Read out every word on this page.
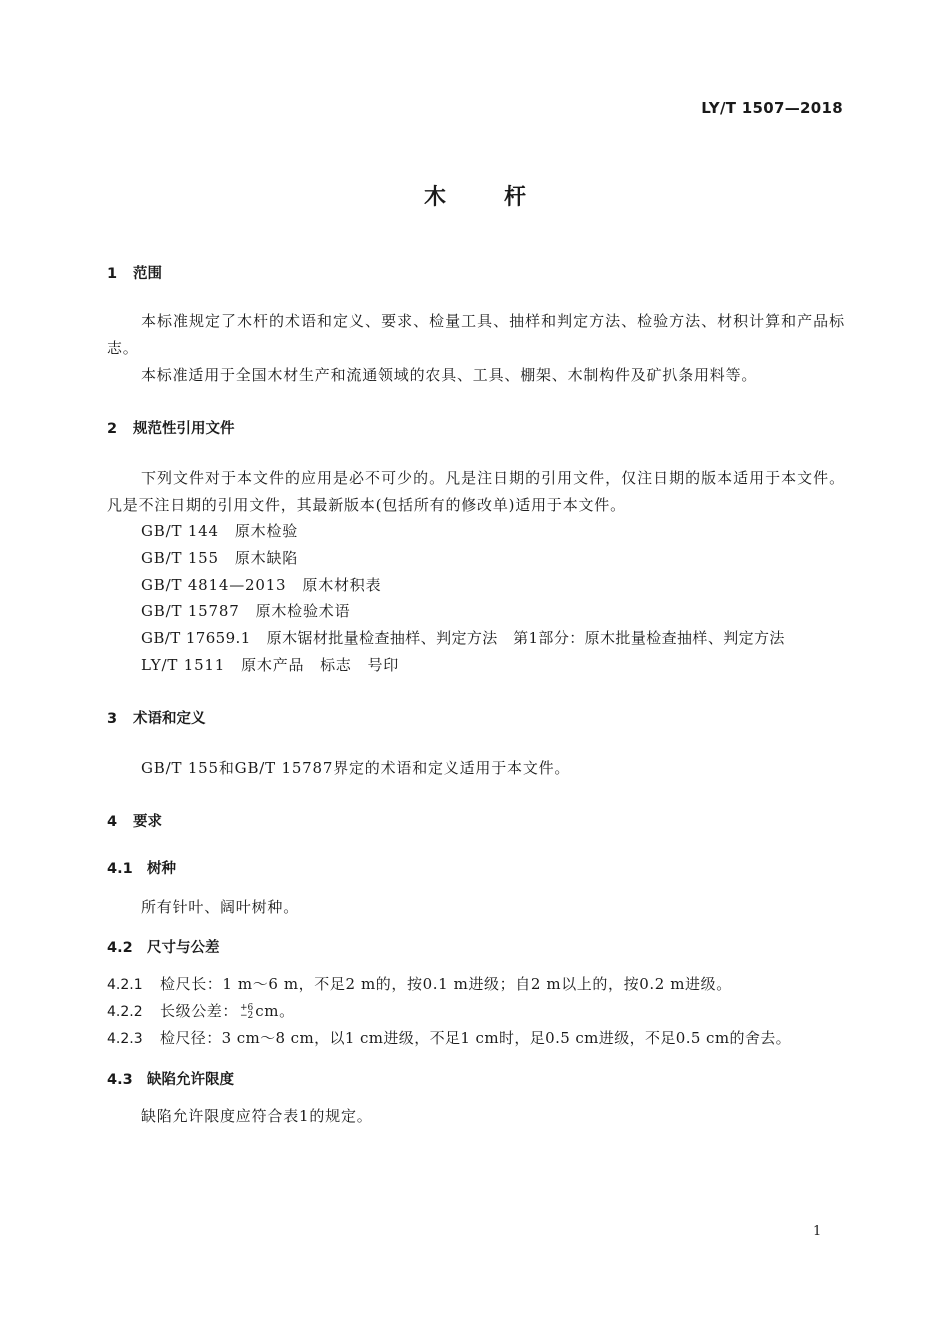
LY/T 1507—2018
木	杆
1 范围
本标准规定了木杆的术语和定义、要求、检量工具、抽样和判定方法、检验方法、材积计算和产品标志。
本标准适用于全国木材生产和流通领域的农具、工具、棚架、木制构件及矿扒条用料等。
2 规范性引用文件
下列文件对于本文件的应用是必不可少的。凡是注日期的引用文件，仅注日期的版本适用于本文件。凡是不注日期的引用文件，其最新版本(包括所有的修改单)适用于本文件。
GB/T 144 原木检验
GB/T 155 原木缺陷
GB/T 4814—2013 原木材积表
GB/T 15787 原木检验术语
GB/T 17659.1 原木锯材批量检查抽样、判定方法　第1部分：原木批量检查抽样、判定方法
LY/T 1511 原木产品　标志　号印
3 术语和定义
GB/T 155和GB/T 15787界定的术语和定义适用于本文件。
4 要求
4.1 树种
所有针叶、阔叶树种。
4.2 尺寸与公差
4.2.1 检尺长：1 m～6 m，不足2 m的，按0.1 m进级；自2 m以上的，按0.2 m进级。
4.2.2 长级公差： +6
−2 cm。
4.2.3 检尺径：3 cm～8 cm，以1 cm进级，不足1 cm时，足0.5 cm进级，不足0.5 cm的舍去。
4.3 缺陷允许限度
缺陷允许限度应符合表1的规定。
1
